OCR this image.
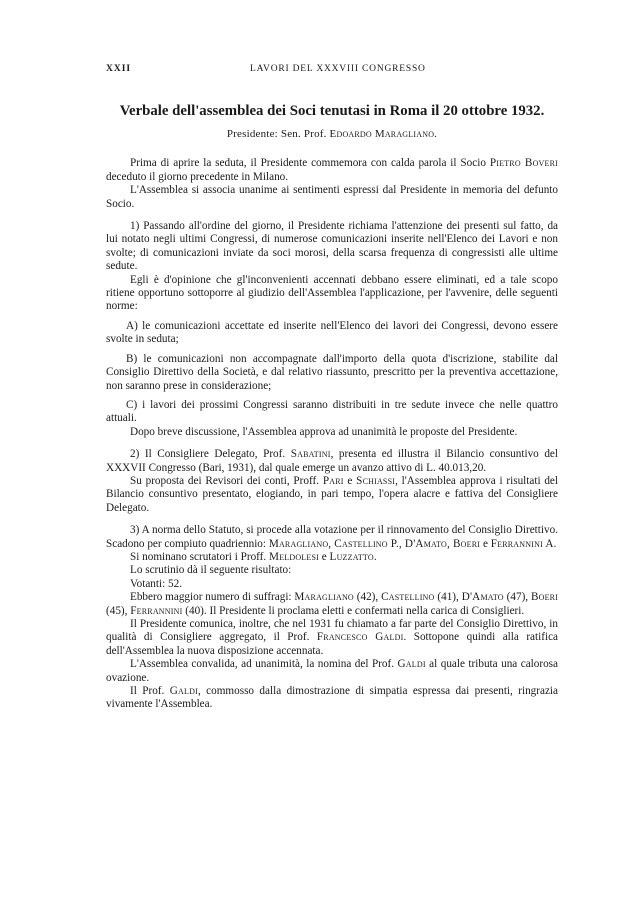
XXII	LAVORI DEL XXXVIII CONGRESSO
Verbale dell'assemblea dei Soci tenutasi in Roma il 20 ottobre 1932.
Presidente: Sen. Prof. Edoardo Maragliano.

Prima di aprire la seduta, il Presidente commemora con calda parola il Socio Pietro Boveri deceduto il giorno precedente in Milano.

L'Assemblea si associa unanime ai sentimenti espressi dal Presidente in memoria del defunto Socio.

1) Passando all'ordine del giorno, il Presidente richiama l'attenzione dei presenti sul fatto, da lui notato negli ultimi Congressi, di numerose comunicazioni inserite nell'Elenco dei Lavori e non svolte; di comunicazioni inviate da soci morosi, della scarsa frequenza di congressisti alle ultime sedute.

Egli è d'opinione che gl'inconvenienti accennati debbano essere eliminati, ed a tale scopo ritiene opportuno sottoporre al giudizio dell'Assemblea l'applicazione, per l'avvenire, delle seguenti norme:

A) le comunicazioni accettate ed inserite nell'Elenco dei lavori dei Congressi, devono essere svolte in seduta;

B) le comunicazioni non accompagnate dall'importo della quota d'iscrizione, stabilite dal Consiglio Direttivo della Società, e dal relativo riassunto, prescritto per la preventiva accettazione, non saranno prese in considerazione;

C) i lavori dei prossimi Congressi saranno distribuiti in tre sedute invece che nelle quattro attuali.

Dopo breve discussione, l'Assemblea approva ad unanimità le proposte del Presidente.

2) Il Consigliere Delegato, Prof. Sabatini, presenta ed illustra il Bilancio consuntivo del XXXVII Congresso (Bari, 1931), dal quale emerge un avanzo attivo di L. 40.013,20.

Su proposta dei Revisori dei conti, Proff. Pari e Schiassi, l'Assemblea approva i risultati del Bilancio consuntivo presentato, elogiando, in pari tempo, l'opera alacre e fattiva del Consigliere Delegato.

3) A norma dello Statuto, si procede alla votazione per il rinnovamento del Consiglio Direttivo. Scadono per compiuto quadriennio: Maragliano, Castellino P., D'Amato, Boeri e Ferrannini A.

Si nominano scrutatori i Proff. Meldolesi e Luzzatto.

Lo scrutinio dà il seguente risultato:

Votanti: 52.

Ebbero maggior numero di suffragi: Maragliano (42), Castellino (41), D'Amato (47), Boeri (45), Ferrannini (40). Il Presidente li proclama eletti e confermati nella carica di Consiglieri.

Il Presidente comunica, inoltre, che nel 1931 fu chiamato a far parte del Consiglio Direttivo, in qualità di Consigliere aggregato, il Prof. Francesco Galdi. Sottopone quindi alla ratifica dell'Assemblea la nuova disposizione accennata.

L'Assemblea convalida, ad unanimità, la nomina del Prof. Galdi al quale tributa una calorosa ovazione.

Il Prof. Galdi, commosso dalla dimostrazione di simpatia espressa dai presenti, ringrazia vivamente l'Assemblea.
